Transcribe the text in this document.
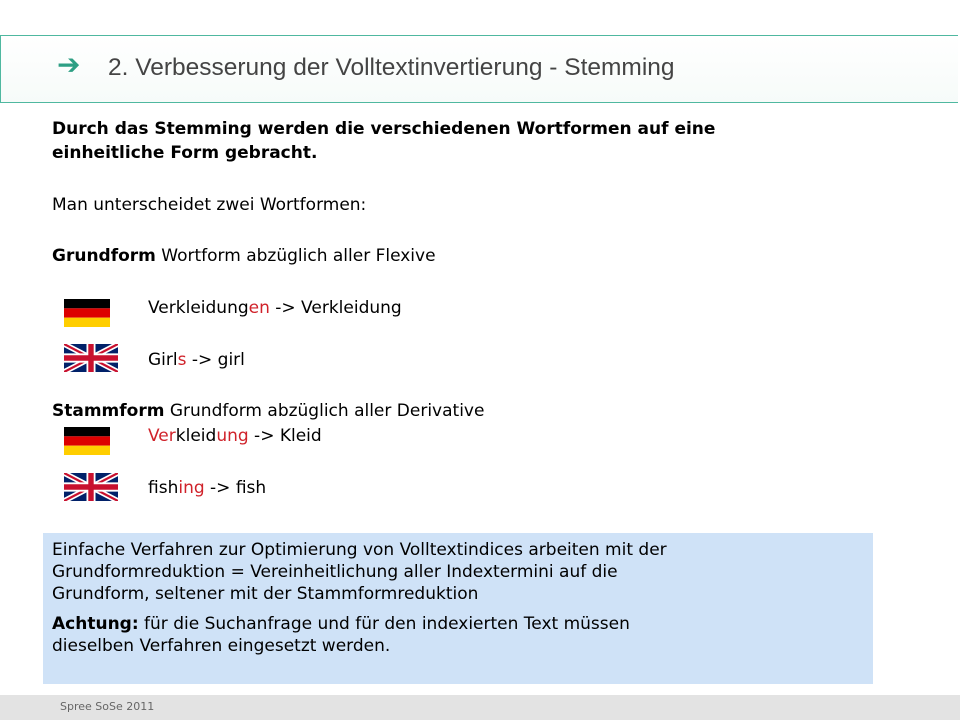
➔ 2. Verbesserung der Volltextinvertierung - Stemming
Durch das Stemming werden die verschiedenen Wortformen auf eine
einheitliche Form gebracht.
Man unterscheidet zwei Wortformen:
Grundform Wortform abzüglich aller Flexive
Verkleidungen -> Verkleidung
Girls -> girl
Stammform Grundform abzüglich aller Derivative
Verkleidung -> Kleid
fishing -> fish

Einfache Verfahren zur Optimierung von Volltextindices arbeiten mit der

Grundformreduktion = Vereinheitlichung aller Indextermini auf die

Grundform, seltener mit der Stammformreduktion

Achtung: für die Suchanfrage und für den indexierten Text müssen

dieselben Verfahren eingesetzt werden.

Spree SoSe 2011
